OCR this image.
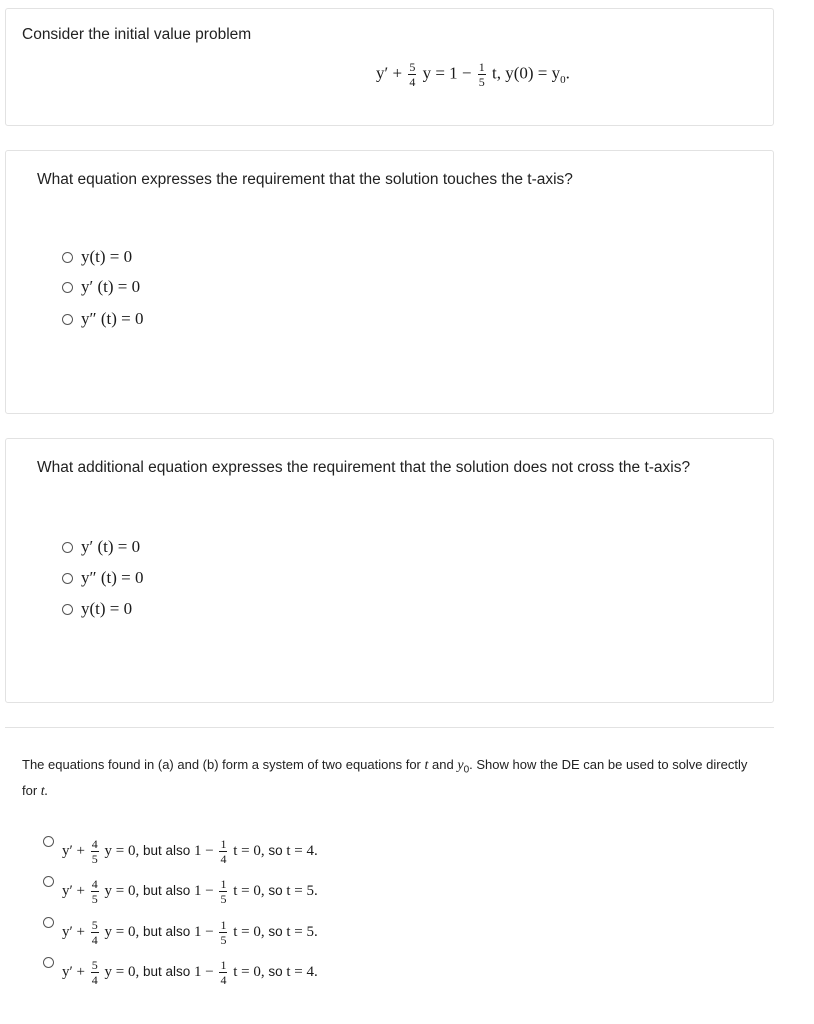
Consider the initial value problem
$y' + \frac{5}{4}$ $y = 1 - \frac{1}{5} t$, $y(0) = y_0$.
What equation expresses the requirement that the solution touches the t-axis?
y(t) = 0
y′ (t) = 0
y″ (t) = 0
What additional equation expresses the requirement that the solution does not cross the t-axis?
y′ (t) = 0
y″ (t) = 0
y(t) = 0
The equations found in (a) and (b) form a system of two equations for t and $y_0$. Show how the DE can be used to solve directly
for t.
$y' + \frac{4}{5}$ y = 0, but also $1 - \frac{1}{4}$ t = 0, so t = 4.
$y' + \frac{4}{5}$ y = 0, but also $1 - \frac{1}{5}$ t = 0, so t = 5.
$y' + \frac{5}{4}$ y = 0, but also $1 - \frac{1}{5}$ t = 0, so t = 5.
$y' + \frac{5}{4}$ y = 0, but also $1 - \frac{1}{4}$ t = 0, so t = 4.
